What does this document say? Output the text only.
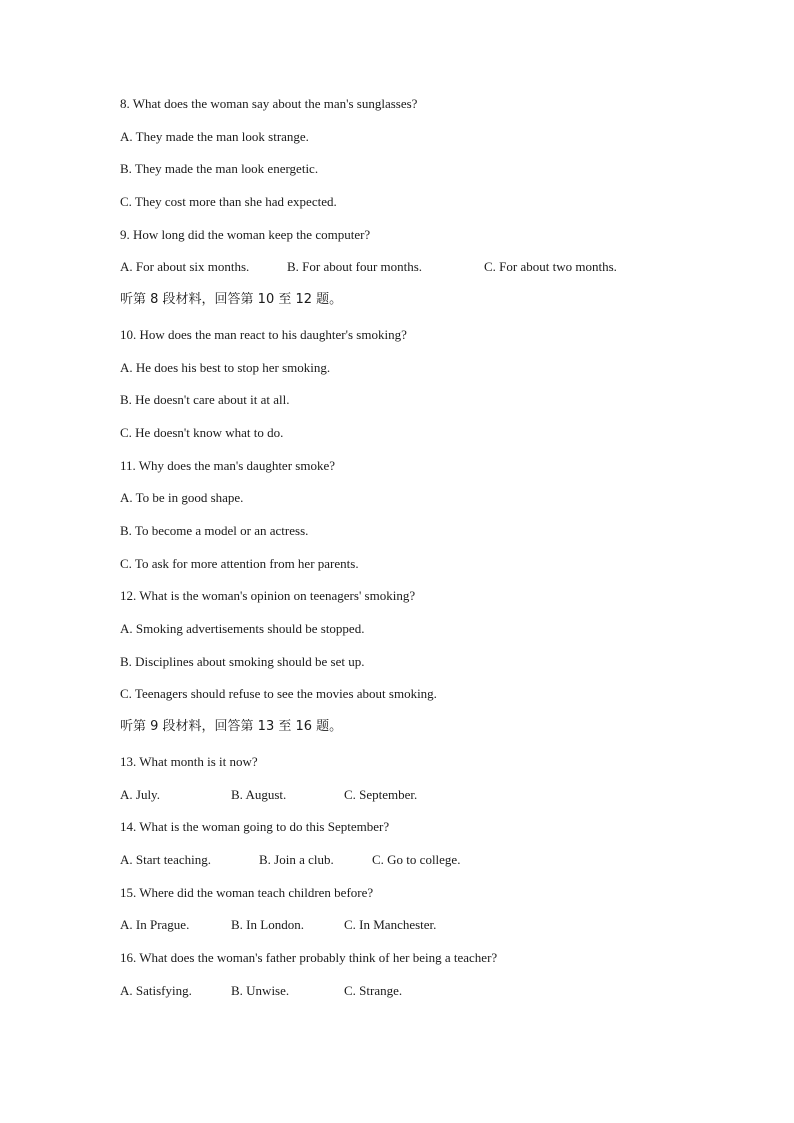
8. What does the woman say about the man's sunglasses?
A. They made the man look strange.
B. They made the man look energetic.
C. They cost more than she had expected.
9. How long did the woman keep the computer?
A. For about six months.	B. For about four months.	C. For about two months.
听第 8 段材料，回答第 10 至 12 题。
10. How does the man react to his daughter's smoking?
A. He does his best to stop her smoking.
B. He doesn't care about it at all.
C. He doesn't know what to do.
11. Why does the man's daughter smoke?
A. To be in good shape.
B. To become a model or an actress.
C. To ask for more attention from her parents.
12. What is the woman's opinion on teenagers' smoking?
A. Smoking advertisements should be stopped.
B. Disciplines about smoking should be set up.
C. Teenagers should refuse to see the movies about smoking.
听第 9 段材料，回答第 13 至 16 题。
13. What month is it now?
A. July.	B. August.	C. September.
14. What is the woman going to do this September?
A. Start teaching.	B. Join a club.	C. Go to college.
15. Where did the woman teach children before?
A. In Prague.	B. In London.	C. In Manchester.
16. What does the woman's father probably think of her being a teacher?
A. Satisfying.	B. Unwise.	C. Strange.
